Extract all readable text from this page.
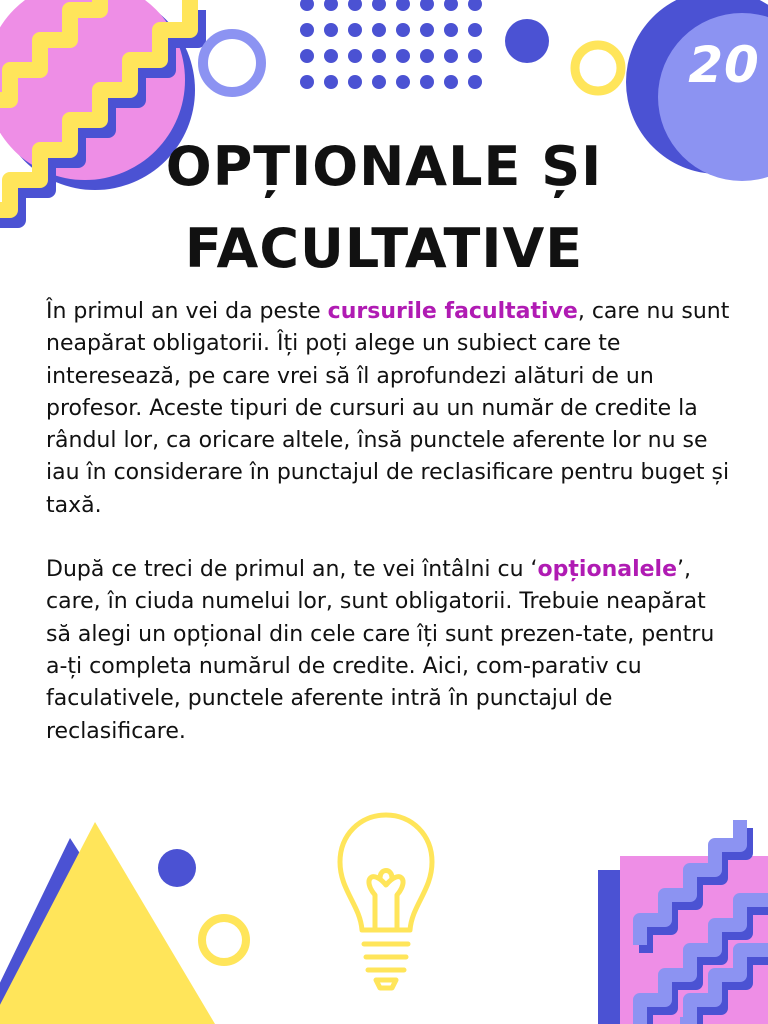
20
OPȚIONALE ȘI
FACULTATIVE

În primul an vei da peste cursurile facultative, care nu sunt neapărat obligatorii. Îți poți alege un subiect care te interesează, pe care vrei să îl aprofundezi alături de un profesor. Aceste tipuri de cursuri au un număr de credite la rândul lor, ca oricare altele, însă punctele aferente lor nu se iau în considerare în punctajul de reclasificare pentru buget și taxă.

După ce treci de primul an, te vei întâlni cu ‘opționalele’, care, în ciuda numelui lor, sunt obligatorii. Trebuie neapărat să alegi un opțional din cele care îți sunt prezen-tate, pentru a-ți completa numărul de credite. Aici, com-parativ cu faculativele, punctele aferente intră în punctajul de reclasificare.
